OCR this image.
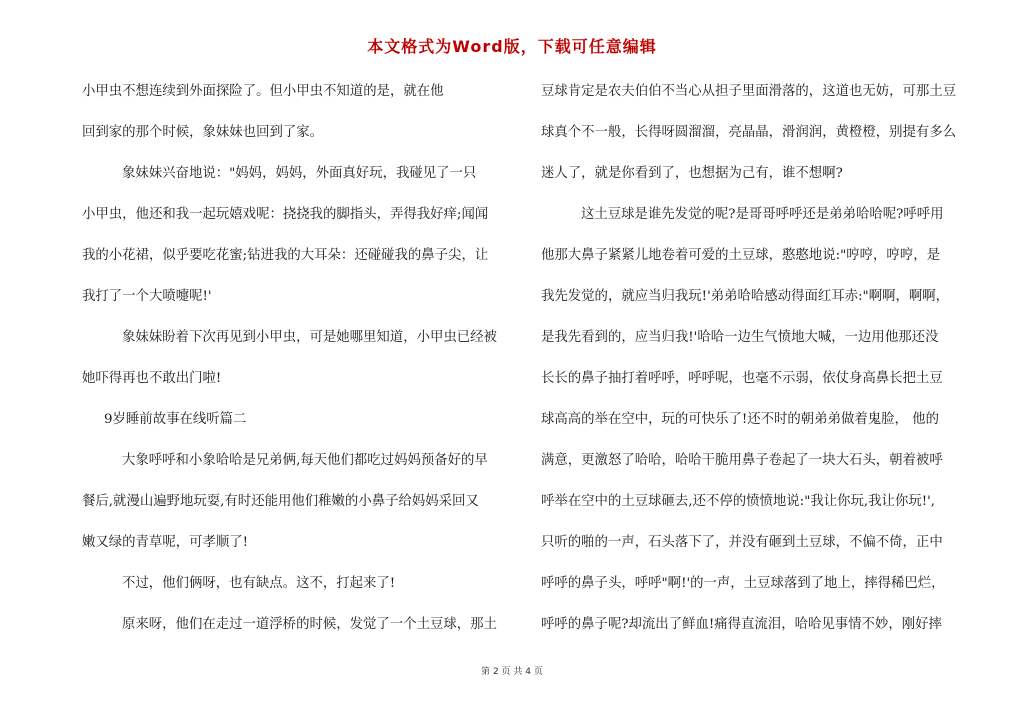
本文格式为Word版，下载可任意编辑
小甲虫不想连续到外面探险了。但小甲虫不知道的是，就在他
回到家的那个时候，象妹妹也回到了家。
象妹妹兴奋地说："妈妈，妈妈，外面真好玩，我碰见了一只
小甲虫，他还和我一起玩嬉戏呢：挠挠我的脚指头，弄得我好痒;闻闻
我的小花裙，似乎要吃花蜜;钻进我的大耳朵：还碰碰我的鼻子尖，让
我打了一个大喷嚏呢!'
象妹妹盼着下次再见到小甲虫，可是她哪里知道，小甲虫已经被
她吓得再也不敢出门啦!
9岁睡前故事在线听篇二
大象呼呼和小象哈哈是兄弟俩,每天他们都吃过妈妈预备好的早
餐后,就漫山遍野地玩耍,有时还能用他们稚嫩的小鼻子给妈妈采回又
嫩又绿的青草呢，可孝顺了!
不过，他们俩呀，也有缺点。这不，打起来了!
原来呀，他们在走过一道浮桥的时候，发觉了一个土豆球，那土
豆球肯定是农夫伯伯不当心从担子里面滑落的，这道也无妨，可那土豆
球真个不一般，长得呀圆溜溜，亮晶晶，滑润润，黄橙橙，别提有多么
迷人了，就是你看到了，也想据为己有，谁不想啊?
这土豆球是谁先发觉的呢?是哥哥呼呼还是弟弟哈哈呢?呼呼用
他那大鼻子紧紧儿地卷着可爱的土豆球，憨憨地说:"哼哼，哼哼，是
我先发觉的，就应当归我玩!'弟弟哈哈感动得面红耳赤:"啊啊，啊啊，
是我先看到的，应当归我!'哈哈一边生气愤地大喊，一边用他那还没
长长的鼻子抽打着呼呼，呼呼呢，也毫不示弱，依仗身高鼻长把土豆
球高高的举在空中，玩的可快乐了!还不时的朝弟弟做着鬼脸， 他的
满意，更激怒了哈哈，哈哈干脆用鼻子卷起了一块大石头，朝着被呼
呼举在空中的土豆球砸去,还不停的愤愤地说:"我让你玩,我让你玩!',
只听的啪的一声，石头落下了，并没有砸到土豆球，不偏不倚，正中
呼呼的鼻子头，呼呼"啊!'的一声，土豆球落到了地上，摔得稀巴烂，
呼呼的鼻子呢?却流出了鲜血!痛得直流泪，哈哈见事情不妙，刚好摔
第 2 页 共 4 页
